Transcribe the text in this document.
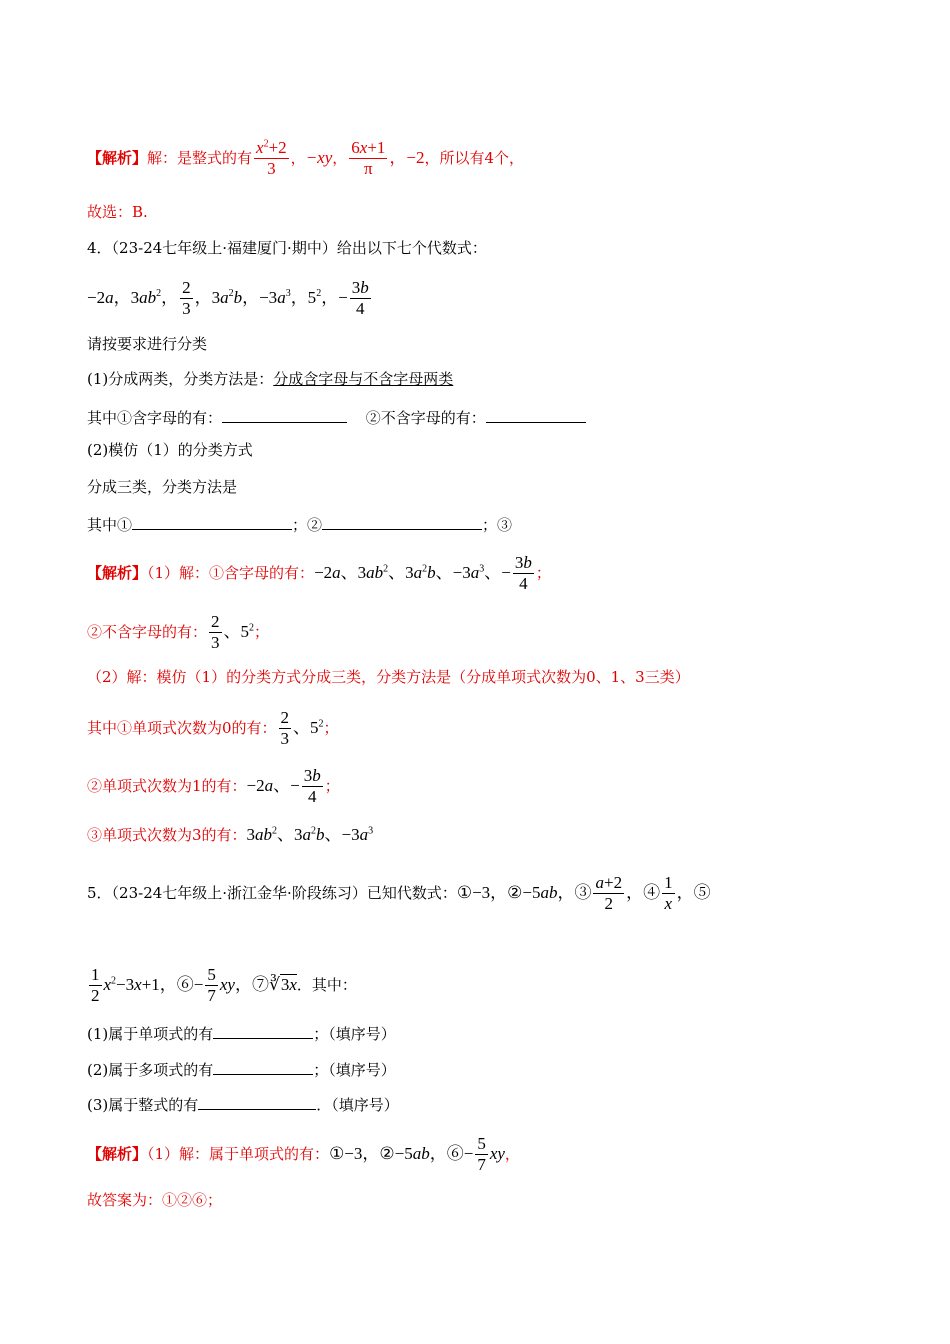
【解析】解：是整式的有 $\frac{x^2+2}{3}$ ，−xy， $\frac{6x+1}{\pi}$ ，−2，所以有4个，
故选：B.
4．（23-24七年级上·福建厦门·期中）给出以下七个代数式：
−2a，$3ab^2$， $\frac{2}{3}$ ，$3a^2b$，$-3a^3$，$5^2$，− $\frac{3b}{4}$
请按要求进行分类
(1)分成两类，分类方法是：分成含字母与不含字母两类
其中①含字母的有：	②不含字母的有：
(2)模仿（1）的分类方式
分成三类，分类方法是
其中①	；②	；③
【解析】（1）解：①含字母的有：−2a、$3ab^2$、$3a^2b$、$-3a^3$、− $\frac{3b}{4}$ ；
②不含字母的有： $\frac{2}{3}$ 、$5^2$；
（2）解：模仿（1）的分类方式分成三类，分类方法是（分成单项式次数为0、1、3三类）
其中①单项式次数为0的有： $\frac{2}{3}$ 、$5^2$；
②单项式次数为1的有：−2a、− $\frac{3b}{4}$ ；
③单项式次数为3的有：$3ab^2$、$3a^2b$、$-3a^3$
5．（23-24七年级上·浙江金华·阶段练习）已知代数式：①−3，②−5ab，③ $\frac{a+2}{2}$ ，④ $\frac{1}{x}$ ，⑤
$\frac{1}{2} x^2-3x+1$，⑥− $\frac{5}{7}$ xy，⑦∛3x．其中：
(1)属于单项式的有	；（填序号）
(2)属于多项式的有	；（填序号）
(3)属于整式的有	．（填序号）
【解析】（1）解：属于单项式的有：①−3，②−5ab，⑥− $\frac{5}{7}$ xy，
故答案为：①②⑥；
